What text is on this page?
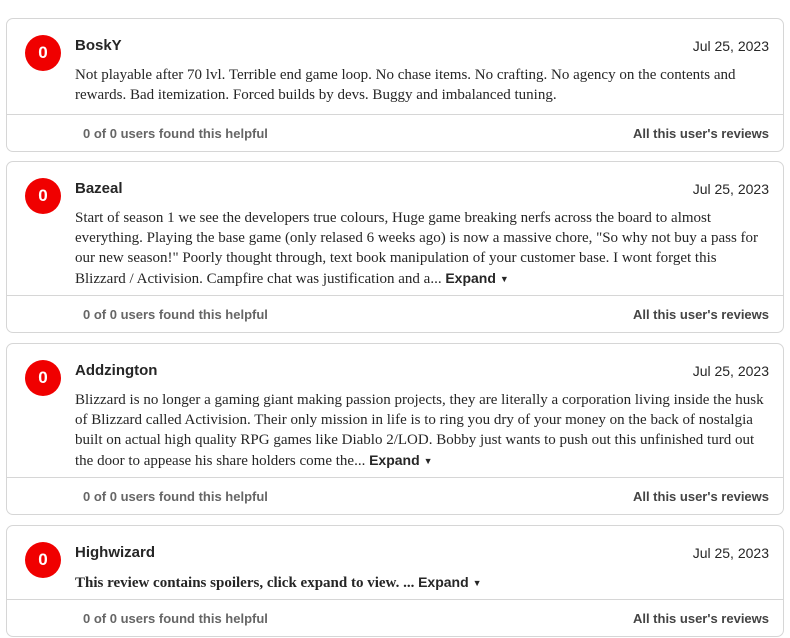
0	BoskY	Jul 25, 2023
Not playable after 70 lvl. Terrible end game loop. No chase items. No crafting. No agency on the contents and rewards. Bad itemization. Forced builds by devs. Buggy and imbalanced tuning.
0 of 0 users found this helpful	All this user's reviews
0	Bazeal	Jul 25, 2023
Start of season 1 we see the developers true colours, Huge game breaking nerfs across the board to almost everything. Playing the base game (only relased 6 weeks ago) is now a massive chore, "So why not buy a pass for our new season!" Poorly thought through, text book manipulation of your customer base. I wont forget this Blizzard / Activision. Campfire chat was justification and a... Expand ▼
0 of 0 users found this helpful	All this user's reviews
0	Addzington	Jul 25, 2023
Blizzard is no longer a gaming giant making passion projects, they are literally a corporation living inside the husk of Blizzard called Activision. Their only mission in life is to ring you dry of your money on the back of nostalgia built on actual high quality RPG games like Diablo 2/LOD. Bobby just wants to push out this unfinished turd out the door to appease his share holders come the... Expand ▼
0 of 0 users found this helpful	All this user's reviews
0	Highwizard	Jul 25, 2023
This review contains spoilers, click expand to view. ... Expand ▼
0 of 0 users found this helpful	All this user's reviews
